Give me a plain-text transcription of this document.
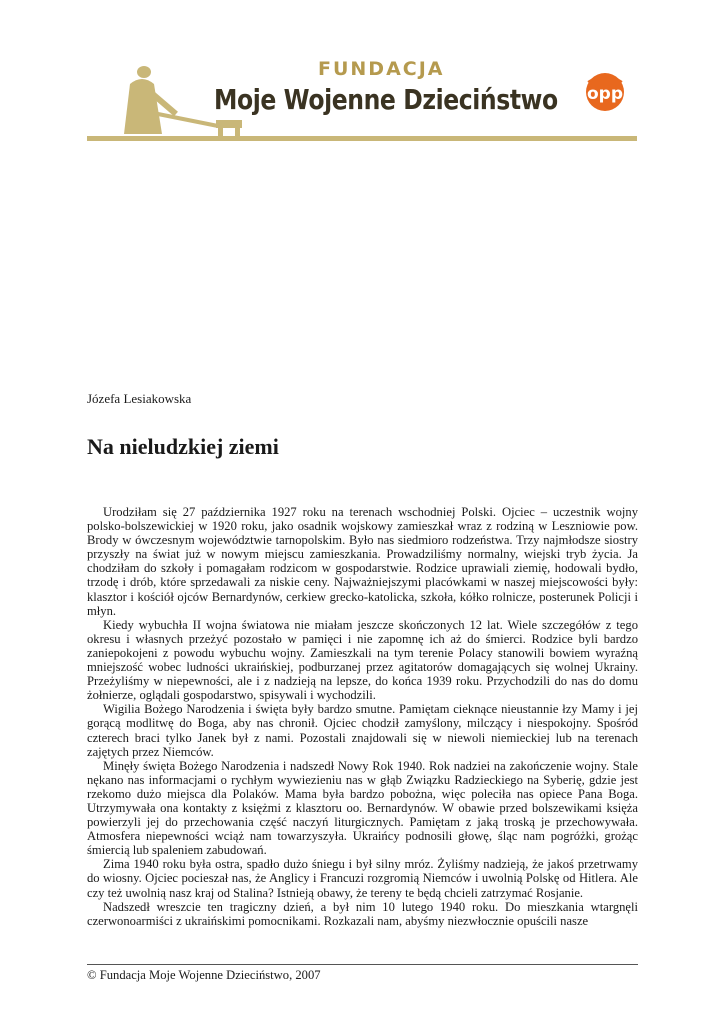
FUNDACJA
Moje Wojenne Dzieciństwo opp
Józefa Lesiakowska
Na nieludzkiej ziemi

Urodziłam się 27 października 1927 roku na terenach wschodniej Polski. Ojciec – uczestnik wojny polsko-bolszewickiej w 1920 roku, jako osadnik wojskowy zamieszkał wraz z rodziną w Leszniowie pow. Brody w ówczesnym województwie tarnopolskim. Było nas siedmioro rodzeństwa. Trzy najmłodsze siostry przyszły na świat już w nowym miejscu zamieszkania. Prowadziliśmy normalny, wiejski tryb życia. Ja chodziłam do szkoły i pomagałam rodzicom w gospodarstwie. Rodzice uprawiali ziemię, hodowali bydło, trzodę i drób, które sprzedawali za niskie ceny. Najważniejszymi placówkami w naszej miejscowości były: klasztor i kościół ojców Bernardynów, cerkiew grecko-katolicka, szkoła, kółko rolnicze, posterunek Policji i młyn.

Kiedy wybuchła II wojna światowa nie miałam jeszcze skończonych 12 lat. Wiele szczegółów z tego okresu i własnych przeżyć pozostało w pamięci i nie zapomnę ich aż do śmierci. Rodzice byli bardzo zaniepokojeni z powodu wybuchu wojny. Zamieszkali na tym terenie Polacy stanowili bowiem wyraźną mniejszość wobec ludności ukraińskiej, podburzanej przez agitatorów domagających się wolnej Ukrainy. Przeżyliśmy w niepewności, ale i z nadzieją na lepsze, do końca 1939 roku. Przychodzili do nas do domu żołnierze, oglądali gospodarstwo, spisywali i wychodzili.

Wigilia Bożego Narodzenia i święta były bardzo smutne. Pamiętam cieknące nieustannie łzy Mamy i jej gorącą modlitwę do Boga, aby nas chronił. Ojciec chodził zamyślony, milczący i niespokojny. Spośród czterech braci tylko Janek był z nami. Pozostali znajdowali się w niewoli niemieckiej lub na terenach zajętych przez Niemców.

Minęły święta Bożego Narodzenia i nadszedł Nowy Rok 1940. Rok nadziei na zakończenie wojny. Stale nękano nas informacjami o rychłym wywiezieniu nas w głąb Związku Radzieckiego na Syberię, gdzie jest rzekomo dużo miejsca dla Polaków. Mama była bardzo pobożna, więc poleciła nas opiece Pana Boga. Utrzymywała ona kontakty z księżmi z klasztoru oo. Bernardynów. W obawie przed bolszewikami księża powierzyli jej do przechowania część naczyń liturgicznych. Pamiętam z jaką troską je przechowywała. Atmosfera niepewności wciąż nam towarzyszyła. Ukraińcy podnosili głowę, śląc nam pogróżki, grożąc śmiercią lub spaleniem zabudowań.

Zima 1940 roku była ostra, spadło dużo śniegu i był silny mróz. Żyliśmy nadzieją, że jakoś przetrwamy do wiosny. Ojciec pocieszał nas, że Anglicy i Francuzi rozgromią Niemców i uwolnią Polskę od Hitlera. Ale czy też uwolnią nasz kraj od Stalina? Istnieją obawy, że tereny te będą chcieli zatrzymać Rosjanie.

Nadszedł wreszcie ten tragiczny dzień, a był nim 10 lutego 1940 roku. Do mieszkania wtargnęli czerwonoarmiści z ukraińskimi pomocnikami. Rozkazali nam, abyśmy niezwłocznie opuścili nasze

© Fundacja Moje Wojenne Dzieciństwo, 2007
